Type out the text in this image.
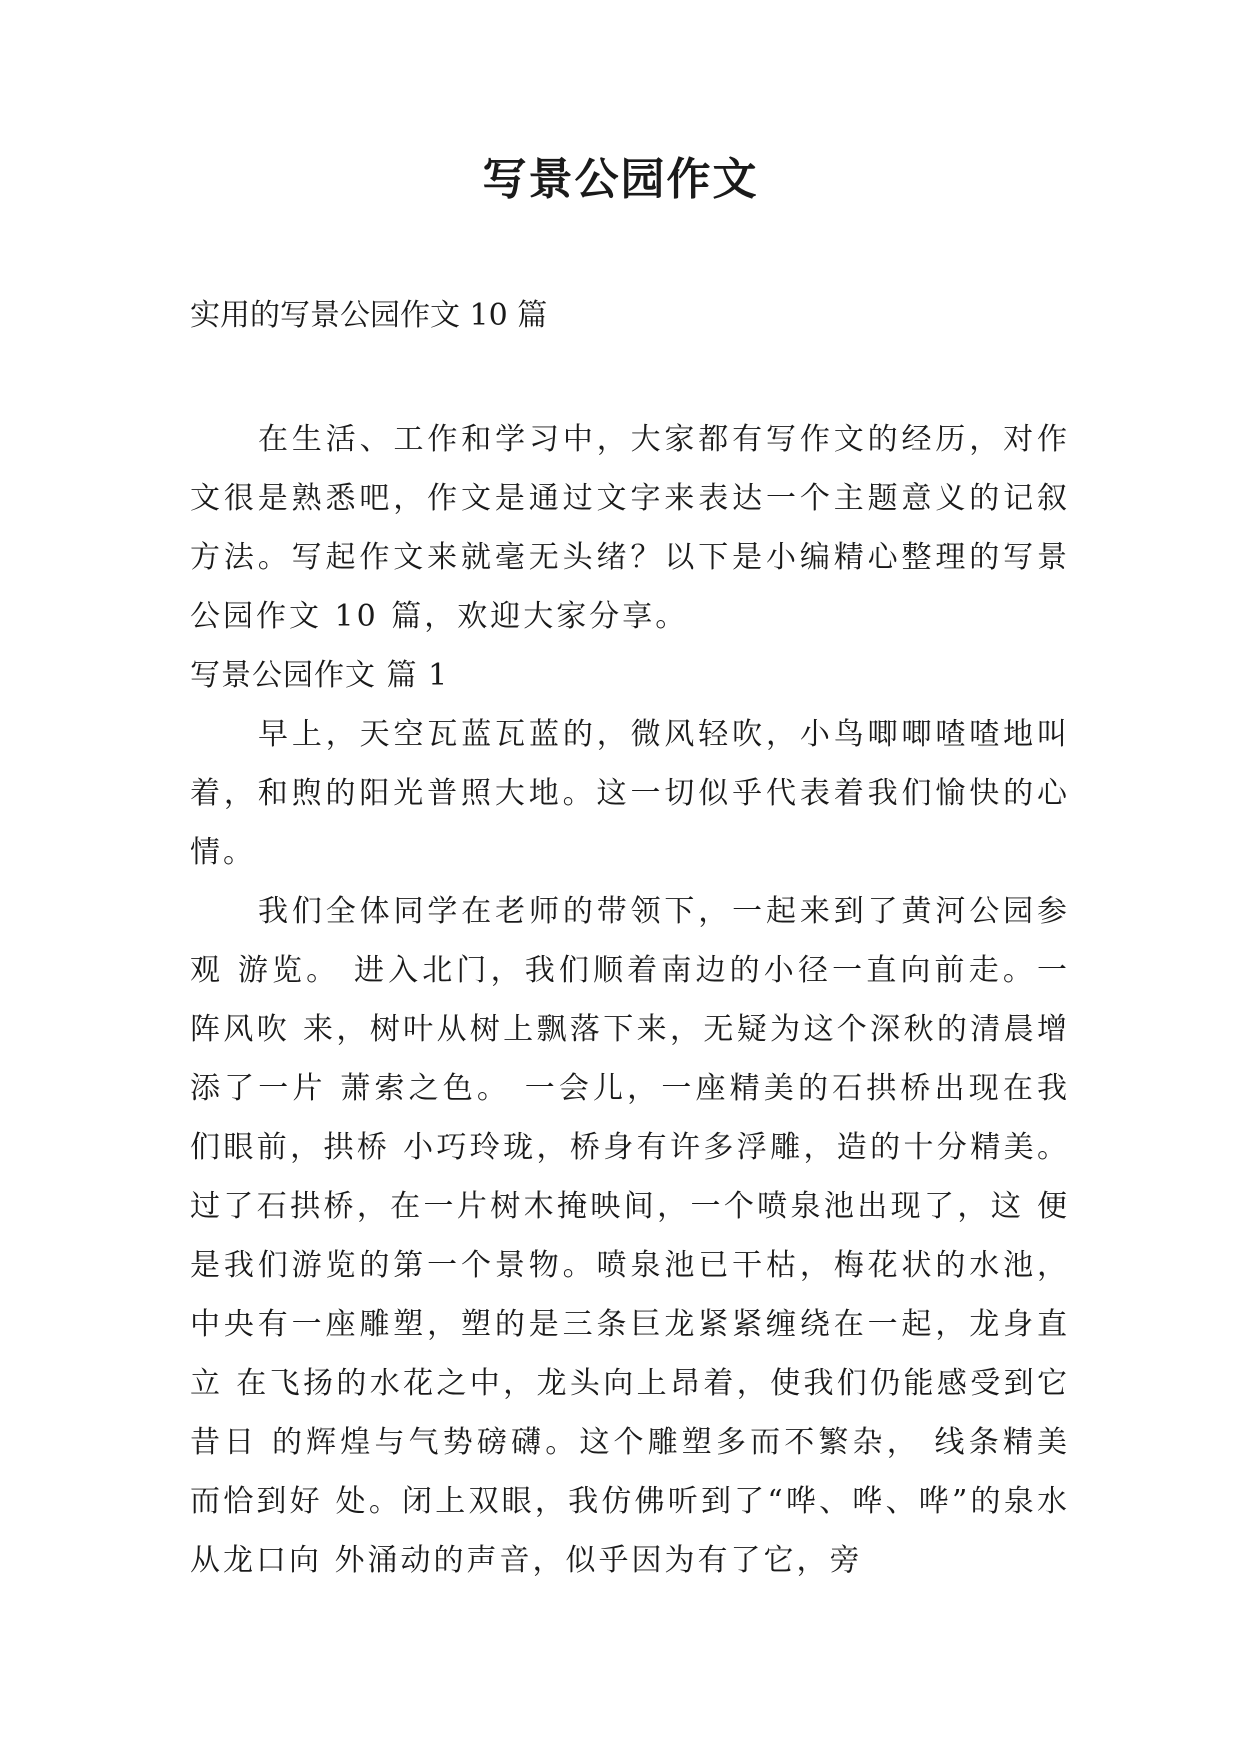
写景公园作文
实用的写景公园作文 10 篇

在生活、工作和学习中，大家都有写作文的经历，对作文很是熟悉吧，作文是通过文字来表达一个主题意义的记叙方法。写起作文来就毫无头绪？以下是小编精心整理的写景公园作文 10 篇，欢迎大家分享。

写景公园作文 篇 1

早上，天空瓦蓝瓦蓝的，微风轻吹，小鸟唧唧喳喳地叫着，和煦的阳光普照大地。这一切似乎代表着我们愉快的心情。

我们全体同学在老师的带领下，一起来到了黄河公园参观 游览。 进入北门，我们顺着南边的小径一直向前走。一阵风吹 来，树叶从树上飘落下来，无疑为这个深秋的清晨增添了一片 萧索之色。 一会儿，一座精美的石拱桥出现在我们眼前，拱桥 小巧玲珑，桥身有许多浮雕，造的十分精美。 过了石拱桥，在一片树木掩映间，一个喷泉池出现了，这 便是我们游览的第一个景物。喷泉池已干枯，梅花状的水池， 中央有一座雕塑，塑的是三条巨龙紧紧缠绕在一起，龙身直立 在飞扬的水花之中，龙头向上昂着，使我们仍能感受到它昔日 的辉煌与气势磅礴。这个雕塑多而不繁杂， 线条精美而恰到好 处。闭上双眼，我仿佛听到了“哗、哗、哗”的泉水从龙口向 外涌动的声音，似乎因为有了它，旁
